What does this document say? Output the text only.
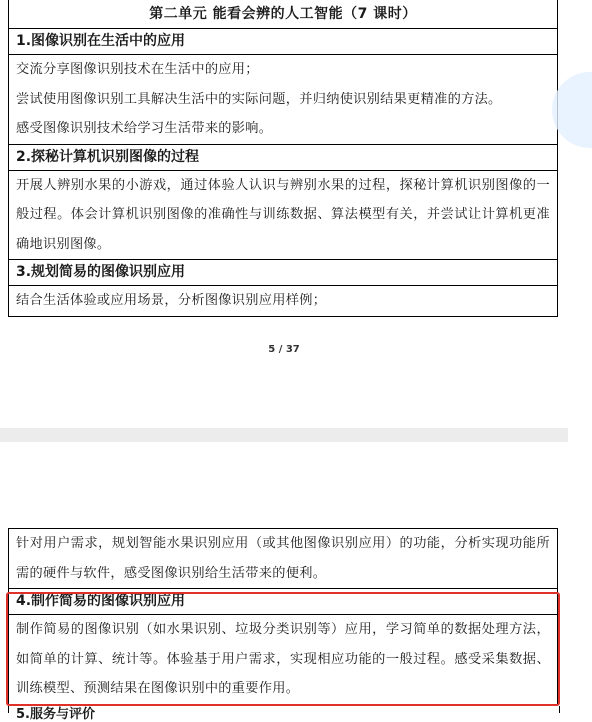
第二单元 能看会辨的人工智能（7 课时）
1.图像识别在生活中的应用

交流分享图像识别技术在生活中的应用；

尝试使用图像识别工具解决生活中的实际问题，并归纳使识别结果更精准的方法。

感受图像识别技术给学习生活带来的影响。

2.探秘计算机识别图像的过程

开展人辨别水果的小游戏，通过体验人认识与辨别水果的过程，探秘计算机识别图像的一般过程。体会计算机识别图像的准确性与训练数据、算法模型有关，并尝试让计算机更准确地识别图像。

3.规划简易的图像识别应用

结合生活体验或应用场景，分析图像识别应用样例；

5 / 37

针对用户需求，规划智能水果识别应用（或其他图像识别应用）的功能，分析实现功能所需的硬件与软件，感受图像识别给生活带来的便利。

4.制作简易的图像识别应用

制作简易的图像识别（如水果识别、垃圾分类识别等）应用，学习简单的数据处理方法，如简单的计算、统计等。体验基于用户需求，实现相应功能的一般过程。感受采集数据、训练模型、预测结果在图像识别中的重要作用。

5.服务与评价
